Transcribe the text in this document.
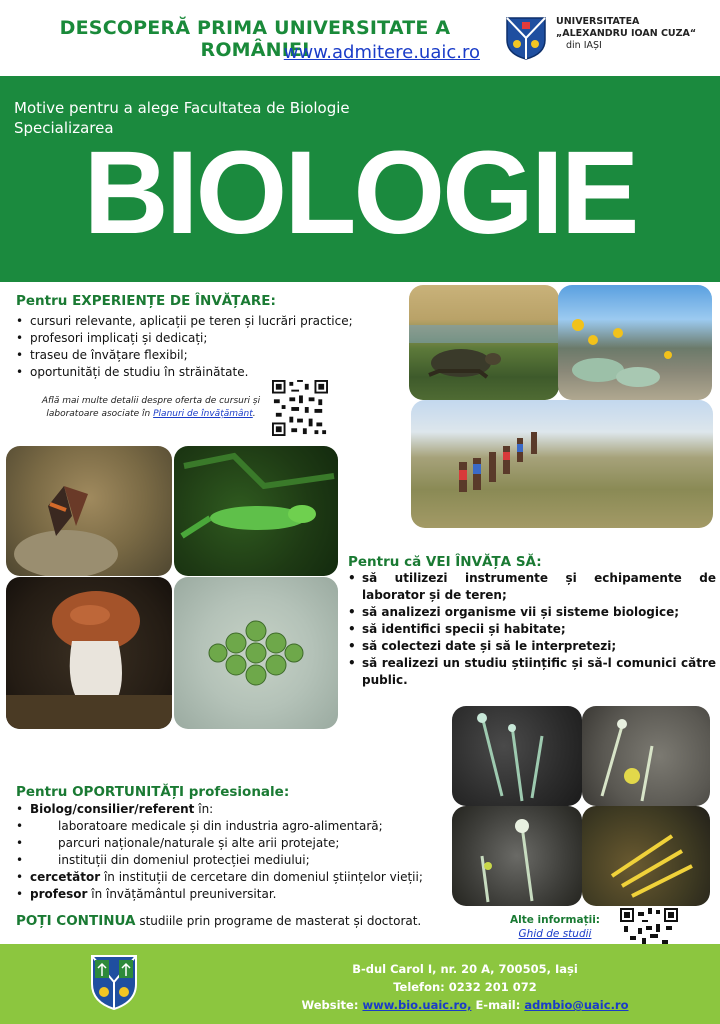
DESCOPERĂ PRIMA UNIVERSITATE A ROMÂNIEI
www.admitere.uaic.ro
UNIVERSITATEA
„ALEXANDRU IOAN CUZA“
din IAȘI
Motive pentru a alege Facultatea de Biologie
Specializarea
BIOLOGIE
Pentru EXPERIENȚE DE ÎNVĂȚARE:
• cursuri relevante, aplicații pe teren și lucrări practice;
• profesori implicați și dedicați;
• traseu de învățare flexibil;
• oportunități de studiu în străinătate.
Află mai multe detalii despre oferta de cursuri și laboratoare asociate în Planuri de învățământ.
Pentru că VEI ÎNVĂȚA SĂ:
• să utilizezi instrumente și echipamente de laborator și de teren;
• să analizezi organisme vii și sisteme biologice;
• să identifici specii și habitate;
• să colectezi date și să le interpretezi;
• să realizezi un studiu științific și să-l comunici către public.
Pentru OPORTUNITĂȚI profesionale:
• Biolog/consilier/referent în:
• laboratoare medicale și din industria agro-alimentară;
• parcuri naționale/naturale și alte arii protejate;
• instituții din domeniul protecției mediului;
• cercetător în instituții de cercetare din domeniul științelor vieții;
• profesor în învățământul preuniversitar.
POȚI CONTINUA studiile prin programe de masterat și doctorat.	Alte informații:
Ghid de studii
B-dul Carol I, nr. 20 A, 700505, Iași
Telefon: 0232 201 072
Website: www.bio.uaic.ro, E-mail: admbio@uaic.ro
